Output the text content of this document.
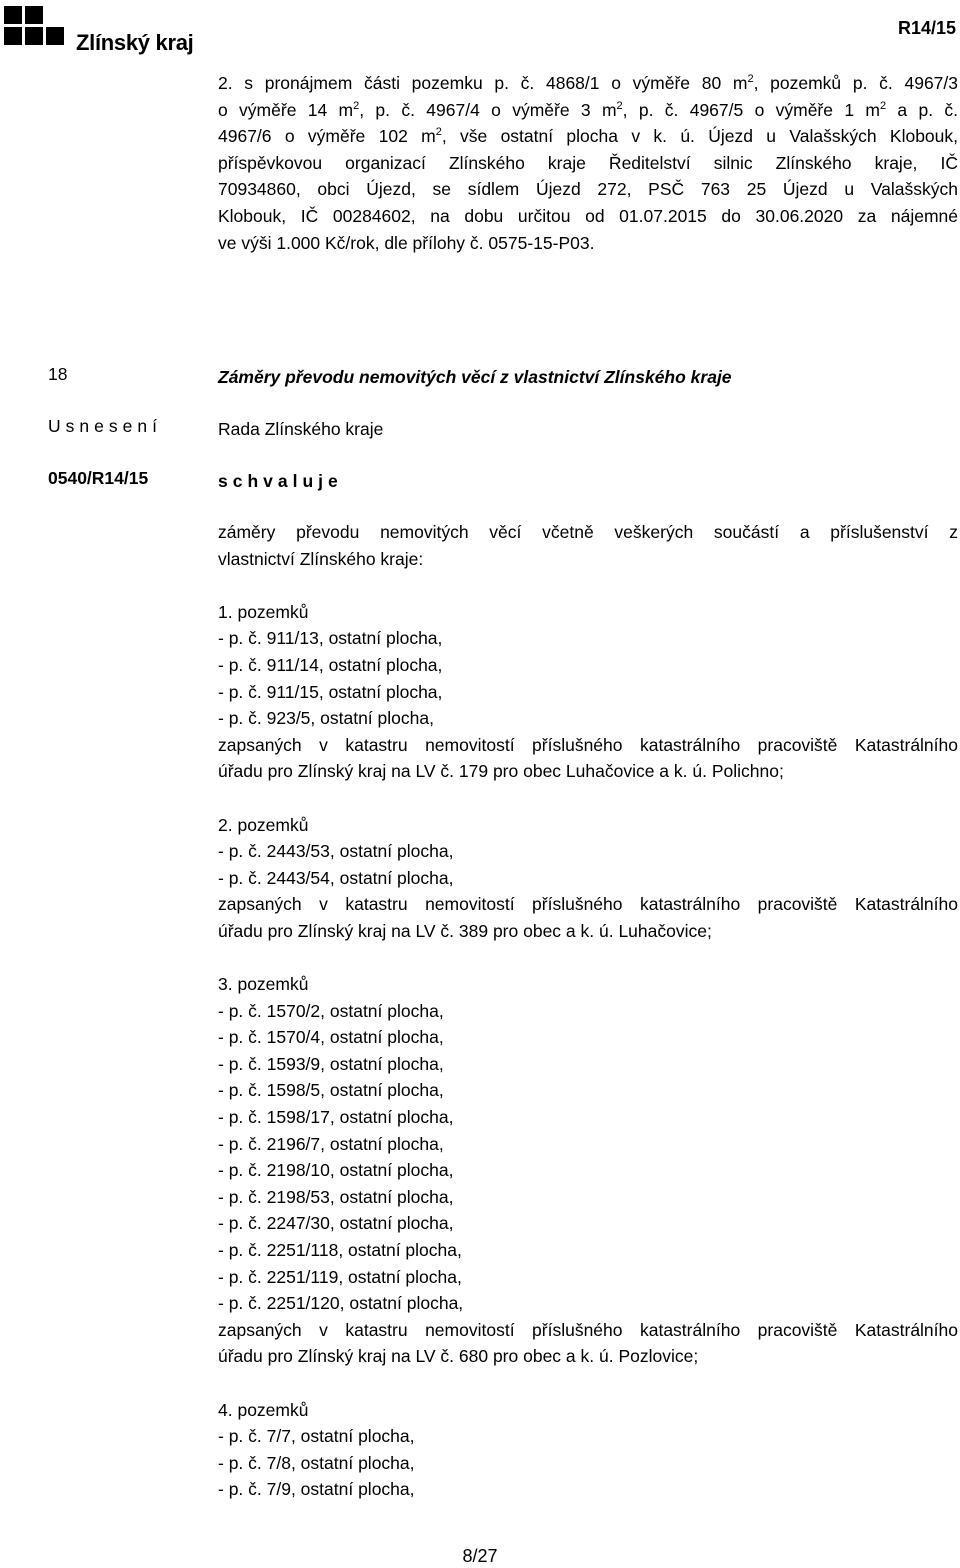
Zlínský kraj
R14/15

2. s pronájmem části pozemku p. č. 4868/1 o výměře 80 $m^2$, pozemků p. č. 4967/3

o výměře 14 $m^2$, p. č. 4967/4 o výměře 3 $m^2$, p. č. 4967/5 o výměře 1 $m^2$ a p. č.

4967/6 o výměře 102 $m^2$, vše ostatní plocha v k. ú. Újezd u Valašských Klobouk,

příspěvkovou organizací Zlínského kraje Ředitelství silnic Zlínského kraje, IČ

70934860, obci Újezd, se sídlem Újezd 272, PSČ 763 25 Újezd u Valašských

Klobouk, IČ 00284602, na dobu určitou od 01.07.2015 do 30.06.2020 za nájemné

ve výši 1.000 Kč/rok, dle přílohy č. 0575-15-P03.

18	Záměry převodu nemovitých věcí z vlastnictví Zlínského kraje
Usnesení	Rada Zlínského kraje
0540/R14/15	schvaluje
záměry převodu nemovitých věcí včetně veškerých součástí a příslušenství z
vlastnictví Zlínského kraje:
1. pozemků
- p. č. 911/13, ostatní plocha,
- p. č. 911/14, ostatní plocha,
- p. č. 911/15, ostatní plocha,
- p. č. 923/5, ostatní plocha,
zapsaných v katastru nemovitostí příslušného katastrálního pracoviště Katastrálního
úřadu pro Zlínský kraj na LV č. 179 pro obec Luhačovice a k. ú. Polichno;
2. pozemků
- p. č. 2443/53, ostatní plocha,
- p. č. 2443/54, ostatní plocha,
zapsaných v katastru nemovitostí příslušného katastrálního pracoviště Katastrálního
úřadu pro Zlínský kraj na LV č. 389 pro obec a k. ú. Luhačovice;
3. pozemků
- p. č. 1570/2, ostatní plocha,
- p. č. 1570/4, ostatní plocha,
- p. č. 1593/9, ostatní plocha,
- p. č. 1598/5, ostatní plocha,
- p. č. 1598/17, ostatní plocha,
- p. č. 2196/7, ostatní plocha,
- p. č. 2198/10, ostatní plocha,
- p. č. 2198/53, ostatní plocha,
- p. č. 2247/30, ostatní plocha,
- p. č. 2251/118, ostatní plocha,
- p. č. 2251/119, ostatní plocha,
- p. č. 2251/120, ostatní plocha,
zapsaných v katastru nemovitostí příslušného katastrálního pracoviště Katastrálního
úřadu pro Zlínský kraj na LV č. 680 pro obec a k. ú. Pozlovice;
4. pozemků
- p. č. 7/7, ostatní plocha,
- p. č. 7/8, ostatní plocha,
- p. č. 7/9, ostatní plocha,
8/27
